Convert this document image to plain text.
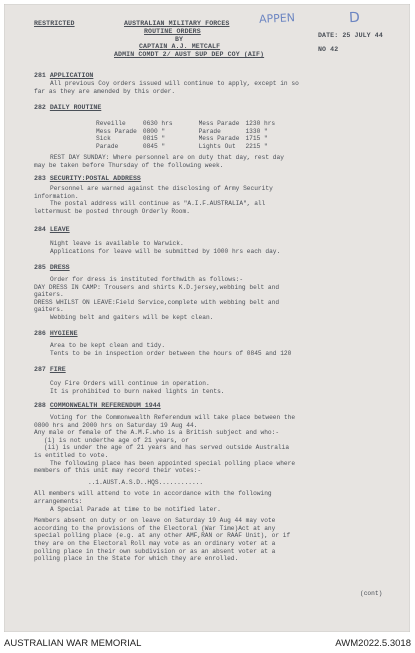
RESTRICTED	AUSTRALIAN MILITARY FORCES
ROUTINE ORDERS
BY
CAPTAIN A.J. METCALF
ADMIN COMDT 2/ AUST SUP DEP COY (AIF)
DATE: 25 JULY 44
NO 42
APPEN	D
281 APPLICATION
All previous Coy orders issued will continue to apply, except in so
far as they are amended by this order.
282 DAILY ROUTINE
Reveille	0630 hrs	Mess Parade	1230 hrs
Mess Parade	0800 "	Parade	1330 "
Sick	0815 "	Mess Parade	1715 "
Parade	0845 "	Lights Out	2215 "
REST DAY SUNDAY: Where personnel are on duty that day, rest day
may be taken before Thursday of the following week.
283 SECURITY:POSTAL ADDRESS
Personnel are warned against the disclosing of Army Security
information.
The postal address will continue as "A.I.F.AUSTRALIA", all
lettermust be posted through Orderly Room.
284 LEAVE
Night leave is available to Warwick.
Applications for leave will be submitted by 1000 hrs each day.
285 DRESS
Order for dress is instituted forthwith as follows:-
DAY DRESS IN CAMP: Trousers and shirts K.D.jersey,webbing belt and
gaiters.
DRESS WHILST ON LEAVE:Field Service,complete with webbing belt and
gaiters.
Webbing belt and gaiters will be kept clean.
286 HYGIENE
Area to be kept clean and tidy.
Tents to be in inspection order between the hours of 0845 and 120
287 FIRE
Coy Fire Orders will continue in operation.
It is prohibited to burn naked lights in tents.
288 COMMONWEALTH REFERENDUM 1944
Voting for the Commonwealth Referendum will take place between the
0800 hrs and 2000 hrs on Saturday 19 Aug 44.
Any male or female of the A.M.F.who is a British subject and who:-
(i) is not underthe age of 21 years, or
(ii) is under the age of 21 years and has served outside Australia
is entitled to vote.
The following place has been appointed special polling place where
members of this unit may record their votes:-
..1.AUST.A.S.D..HQS............
All members will attend to vote in accordance with the following
arrangements:
A Special Parade at time to be notified later.
Members absent on duty or on leave on Saturday 19 Aug 44 may vote
according to the provisions of the Electoral (War Time)Act at any
special polling place (e.g. at any other AMF,RAN or RAAF Unit), or if
they are on the Electoral Roll may vote as an ordinary voter at a
polling place in their own subdivision or as an absent voter at a
polling place in the State for which they are enrolled.
(cont)
AUSTRALIAN WAR MEMORIAL	AWM2022.5.3018
